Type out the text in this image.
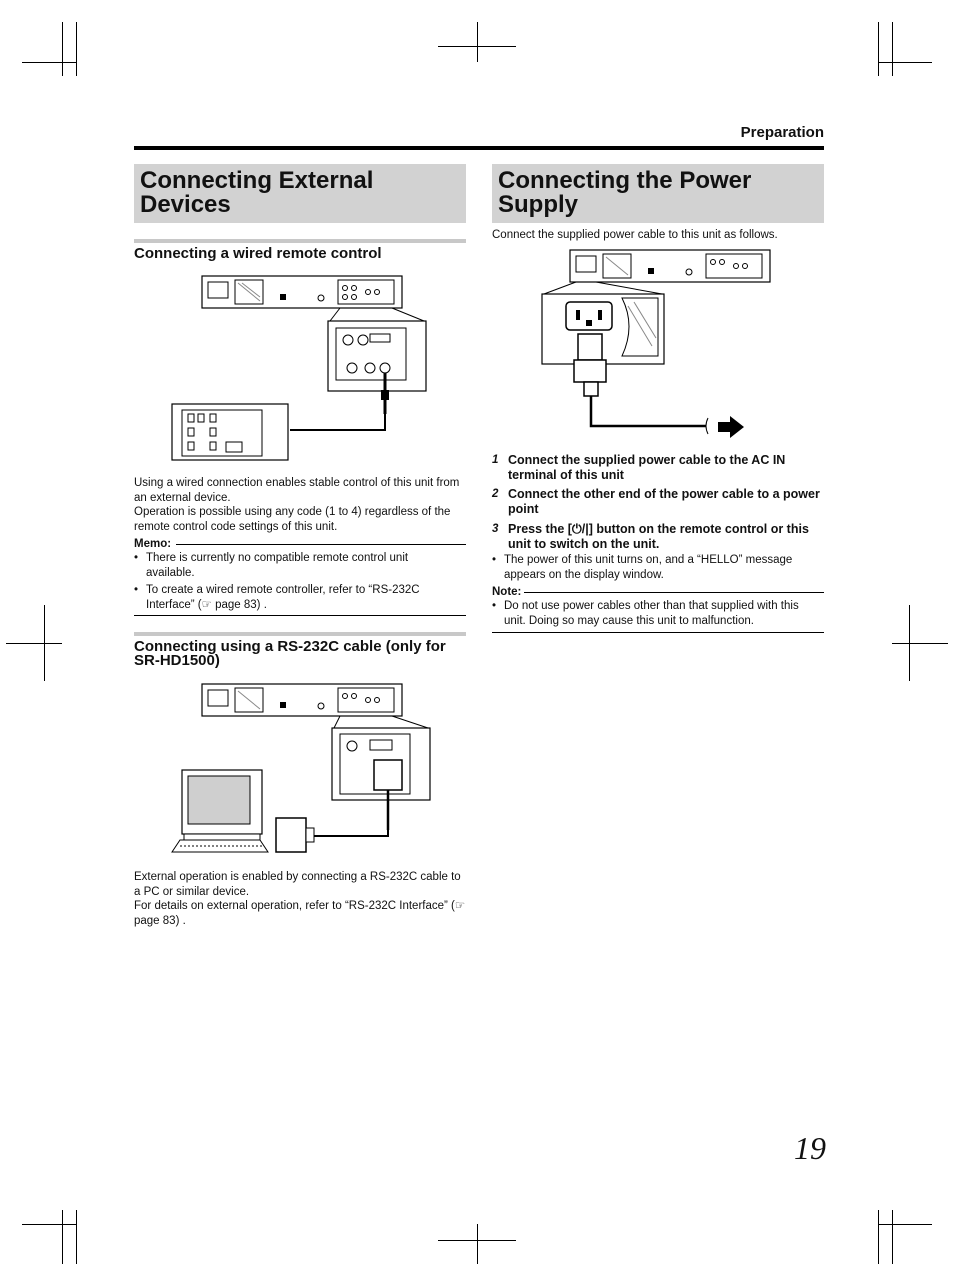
Preparation
Connecting External Devices
Connecting a wired remote control

Using a wired connection enables stable control of this unit from an external device.

Operation is possible using any code (1 to 4) regardless of the remote control code settings of this unit.

Memo:
• There is currently no compatible remote control unit available.
• To create a wired remote controller, refer to “RS-232C Interface” (☞ page 83) .
Connecting using a RS-232C cable (only for SR-HD1500)

External operation is enabled by connecting a RS-232C cable to a PC or similar device.

For details on external operation, refer to “RS-232C Interface” (☞ page 83) .

Connecting the Power Supply
Connect the supplied power cable to this unit as follows.
1 Connect the supplied power cable to the AC IN terminal of this unit
2 Connect the other end of the power cable to a power point
3 Press the [⏻/|] button on the remote control or this unit to switch on the unit.
• The power of this unit turns on, and a “HELLO” message appears on the display window.
Note:
• Do not use power cables other than that supplied with this unit. Doing so may cause this unit to malfunction.
19
